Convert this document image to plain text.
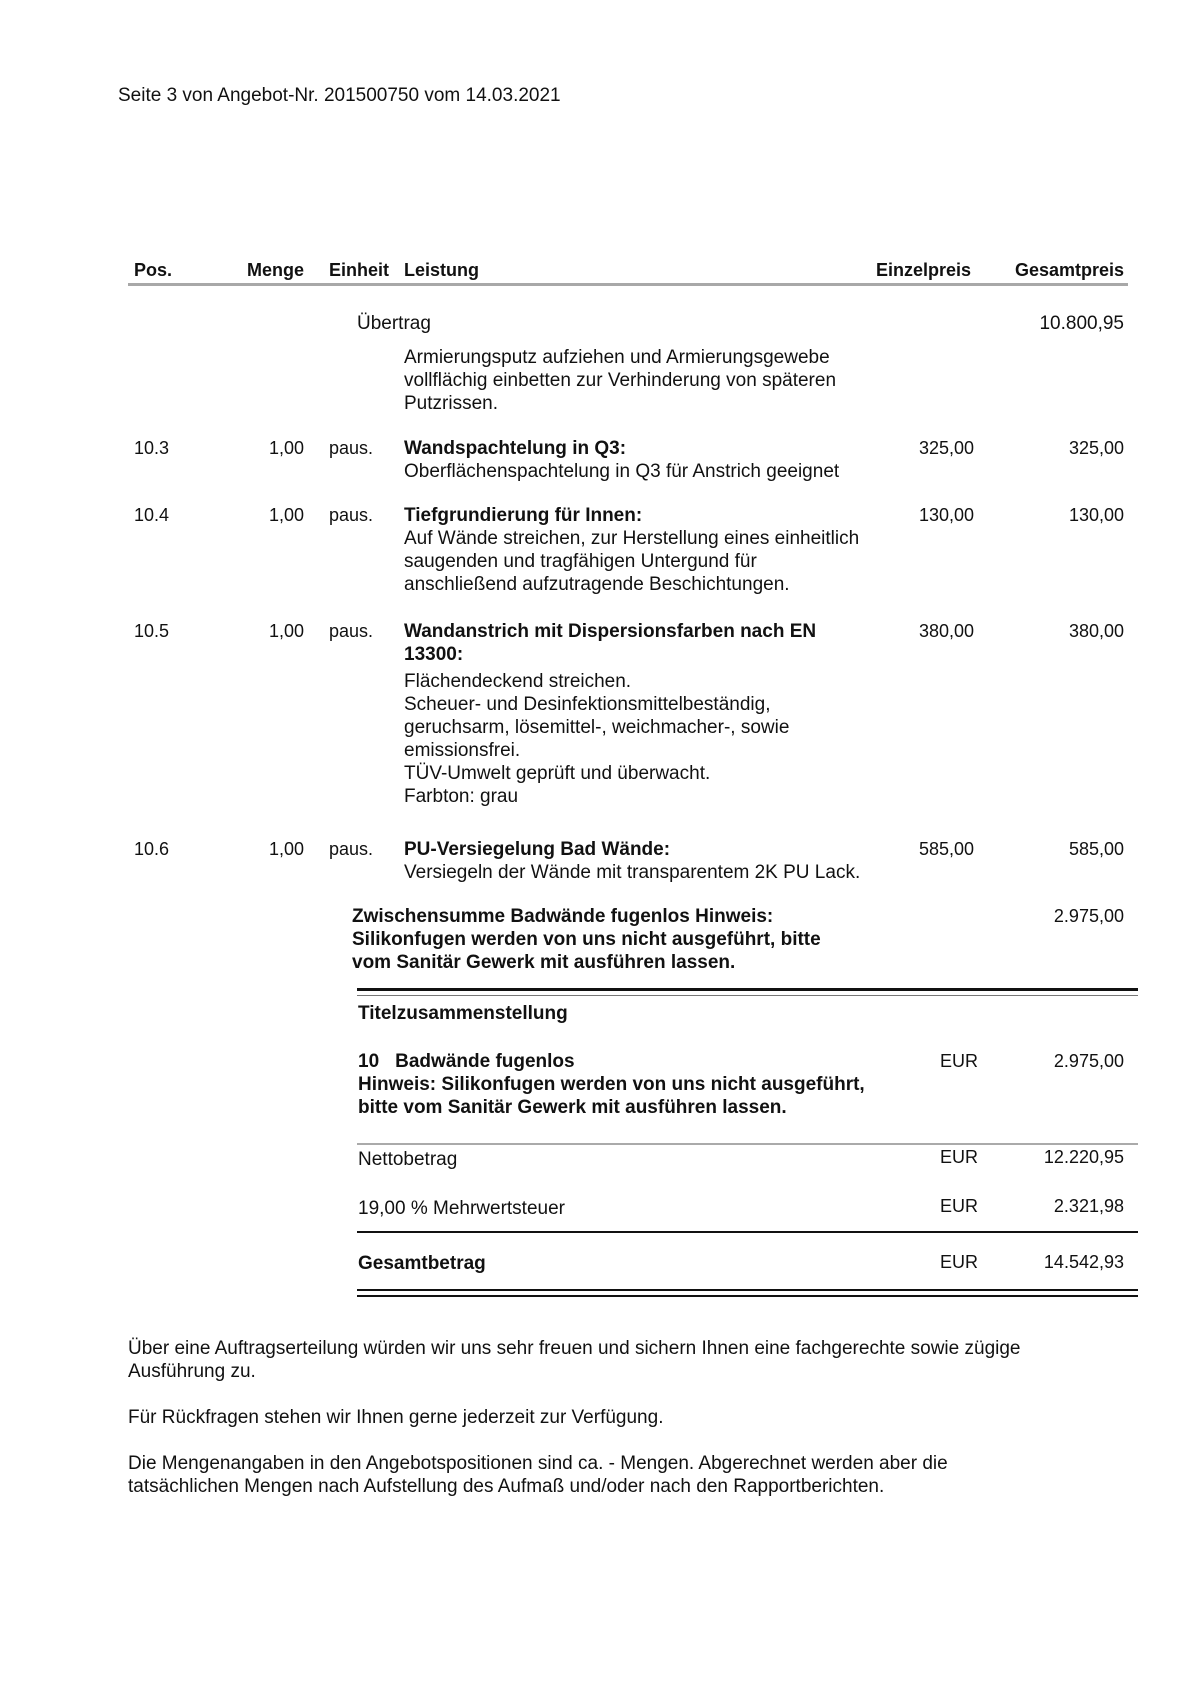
Seite 3 von Angebot-Nr. 201500750 vom 14.03.2021
Pos.	Menge Einheit Leistung	Einzelpreis	Gesamtpreis
Übertrag	10.800,95
Armierungsputz aufziehen und Armierungsgewebe
vollflächig einbetten zur Verhinderung von späteren
Putzrissen.
10.3	1,00 paus. Wandspachtelung in Q3:
Oberflächenspachtelung in Q3 für Anstrich geeignet
325,00	325,00
10.4	1,00 paus. Tiefgrundierung für Innen:
Auf Wände streichen, zur Herstellung eines einheitlich
saugenden und tragfähigen Untergund für
anschließend aufzutragende Beschichtungen.
130,00	130,00
10.5	1,00 paus. Wandanstrich mit Dispersionsfarben nach EN
13300:
Flächendeckend streichen.
Scheuer- und Desinfektionsmittelbeständig,
geruchsarm, lösemittel-, weichmacher-, sowie
emissionsfrei.
TÜV-Umwelt geprüft und überwacht.
Farbton: grau
380,00	380,00
10.6	1,00 paus. PU-Versiegelung Bad Wände:
Versiegeln der Wände mit transparentem 2K PU Lack.
585,00	585,00
Zwischensumme Badwände fugenlos Hinweis:
Silikonfugen werden von uns nicht ausgeführt, bitte
vom Sanitär Gewerk mit ausführen lassen.
2.975,00
Titelzusammenstellung
10 Badwände fugenlos
Hinweis: Silikonfugen werden von uns nicht ausgeführt,
bitte vom Sanitär Gewerk mit ausführen lassen.
EUR	2.975,00
Nettobetrag	EUR	12.220,95
19,00 % Mehrwertsteuer	EUR	2.321,98
Gesamtbetrag	EUR	14.542,93
Über eine Auftragserteilung würden wir uns sehr freuen und sichern Ihnen eine fachgerechte sowie zügige
Ausführung zu.
Für Rückfragen stehen wir Ihnen gerne jederzeit zur Verfügung.
Die Mengenangaben in den Angebotspositionen sind ca. - Mengen. Abgerechnet werden aber die
tatsächlichen Mengen nach Aufstellung des Aufmaß und/oder nach den Rapportberichten.
